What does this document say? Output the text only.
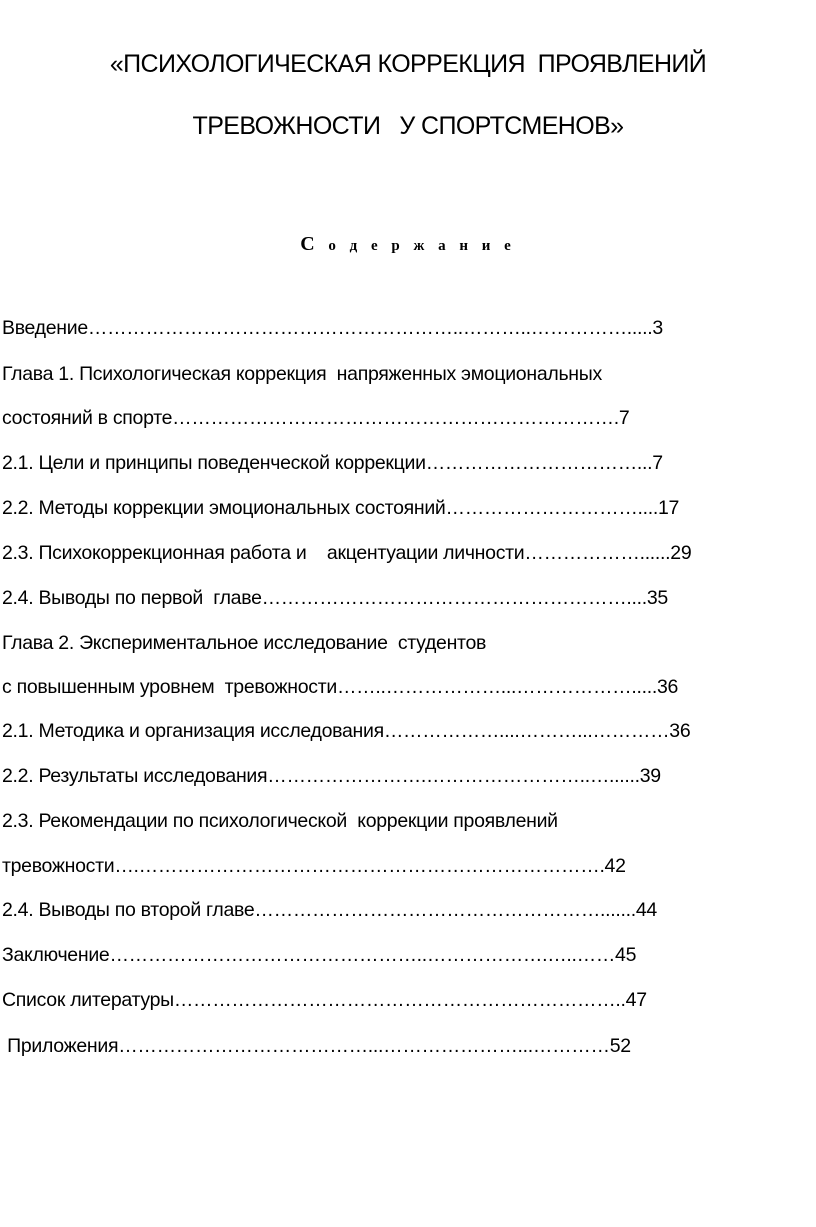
«ПСИХОЛОГИЧЕСКАЯ КОРРЕКЦИЯ  ПРОЯВЛЕНИЙ
ТРЕВОЖНОСТИ   У СПОРТСМЕНОВ»
С о д е р ж а н и е
Введение…………………………………………………..………..…………….....3
Глава 1. Психологическая коррекция  напряженных эмоциональных
состояний в спорте…………………………………………………………….7
2.1. Цели и принципы поведенческой коррекции……………………………...7
2.2. Методы коррекции эмоциональных состояний…………………………....17
2.3. Психокоррекционная работа и    акцентуации личности………………......29
2.4. Выводы по первой  главе…………………………………………………....35
Глава 2. Экспериментальное исследование  студентов
с повышенным уровнем  тревожности……..………………...……………….....36
2.1. Методика и организация исследования………………....………...…………36
2.2. Результаты исследования…………………….……………………..…......39
2.3. Рекомендации по психологической  коррекции проявлений
тревожности….……………………………………………………………….42
2.4. Выводы по второй главе……………………………………………….......44
Заключение…………………………………………..……………….…..……45
Список литературы……………………………………………………………..47
Приложения…………………………………...…………………...…………52
